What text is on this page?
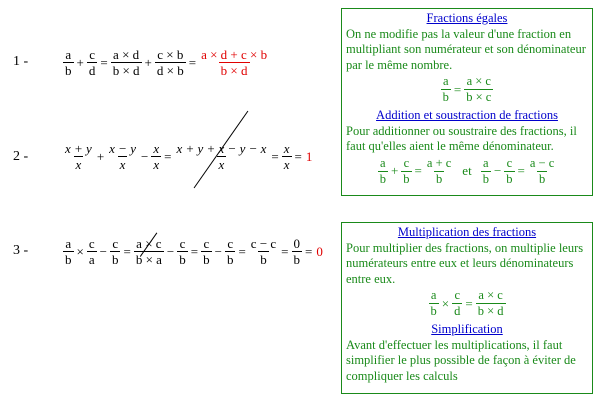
1 -
2 -
3 -
$\frac{a}{b} + \frac{c}{d} = \frac{a \times d}{b \times d} + \frac{c \times b}{d \times b} = \frac{a \times d + c \times b}{b \times d}$
$\frac{x + y}{x} + \frac{x - y}{x} - \frac{x}{x} = \frac{x + y + x - y - x}{x} = \frac{x}{x} = 1$
$\frac{a}{b} \times \frac{c}{a} - \frac{c}{b} = \frac{a \times c}{b \times a} - \frac{c}{b} = \frac{c}{b} - \frac{c}{b} = \frac{c - c}{b} = \frac{0}{b} = 0$
Fractions égales
On ne modifie pas la valeur d'une fraction en multipliant son numérateur et son dénominateur par le même nombre.
$\frac{a}{b} = \frac{a \times c}{b \times c}$
Addition et soustraction de fractions
Pour additionner ou soustraire des fractions, il faut qu'elles aient le même dénominateur.
$\frac{a}{b} + \frac{c}{b} = \frac{a + c}{b}$ et $\frac{a}{b} - \frac{c}{b} = \frac{a - c}{b}$
Multiplication des fractions
Pour multiplier des fractions, on multiplie leurs numérateurs entre eux et leurs dénominateurs entre eux.
$\frac{a}{b} \times \frac{c}{d} = \frac{a \times c}{b \times d}$
Simplification
Avant d'effectuer les multiplications, il faut simplifier le plus possible de façon à éviter de compliquer les calculs
